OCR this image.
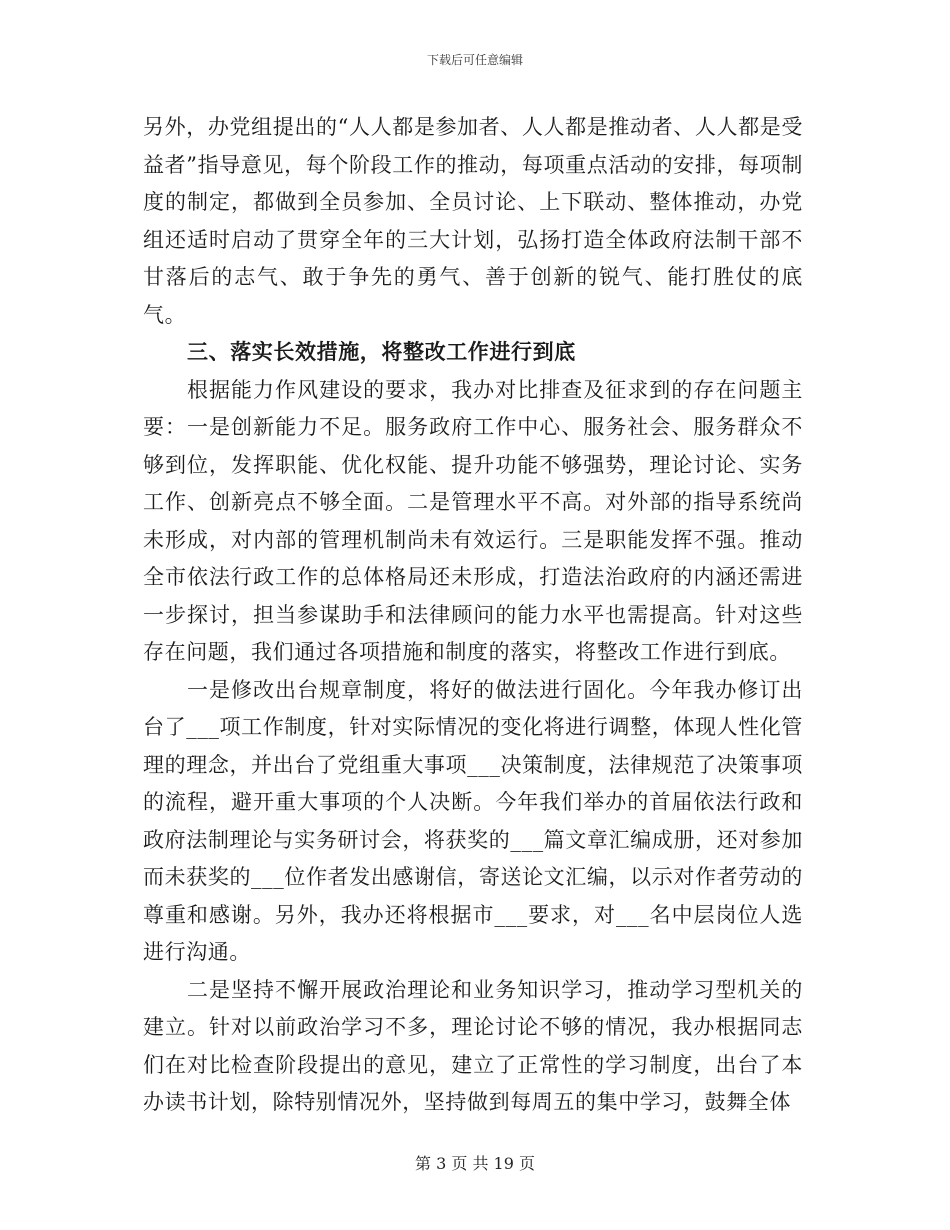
下载后可任意编辑

另外，办党组提出的“人人都是参加者、人人都是推动者、人人都是受益者”指导意见，每个阶段工作的推动，每项重点活动的安排，每项制度的制定，都做到全员参加、全员讨论、上下联动、整体推动，办党组还适时启动了贯穿全年的三大计划，弘扬打造全体政府法制干部不甘落后的志气、敢于争先的勇气、善于创新的锐气、能打胜仗的底气。

三、落实长效措施，将整改工作进行到底

根据能力作风建设的要求，我办对比排查及征求到的存在问题主要：一是创新能力不足。服务政府工作中心、服务社会、服务群众不够到位，发挥职能、优化权能、提升功能不够强势，理论讨论、实务工作、创新亮点不够全面。二是管理水平不高。对外部的指导系统尚未形成，对内部的管理机制尚未有效运行。三是职能发挥不强。推动全市依法行政工作的总体格局还未形成，打造法治政府的内涵还需进一步探讨，担当参谋助手和法律顾问的能力水平也需提高。针对这些存在问题，我们通过各项措施和制度的落实，将整改工作进行到底。

一是修改出台规章制度，将好的做法进行固化。今年我办修订出台了___项工作制度，针对实际情况的变化将进行调整，体现人性化管理的理念，并出台了党组重大事项___决策制度，法律规范了决策事项的流程，避开重大事项的个人决断。今年我们举办的首届依法行政和政府法制理论与实务研讨会，将获奖的___篇文章汇编成册，还对参加而未获奖的___位作者发出感谢信，寄送论文汇编，以示对作者劳动的尊重和感谢。另外，我办还将根据市___要求，对___名中层岗位人选进行沟通。

二是坚持不懈开展政治理论和业务知识学习，推动学习型机关的建立。针对以前政治学习不多，理论讨论不够的情况，我办根据同志们在对比检查阶段提出的意见，建立了正常性的学习制度，出台了本办读书计划，除特别情况外，坚持做到每周五的集中学习，鼓舞全体

第 3 页 共 19 页
